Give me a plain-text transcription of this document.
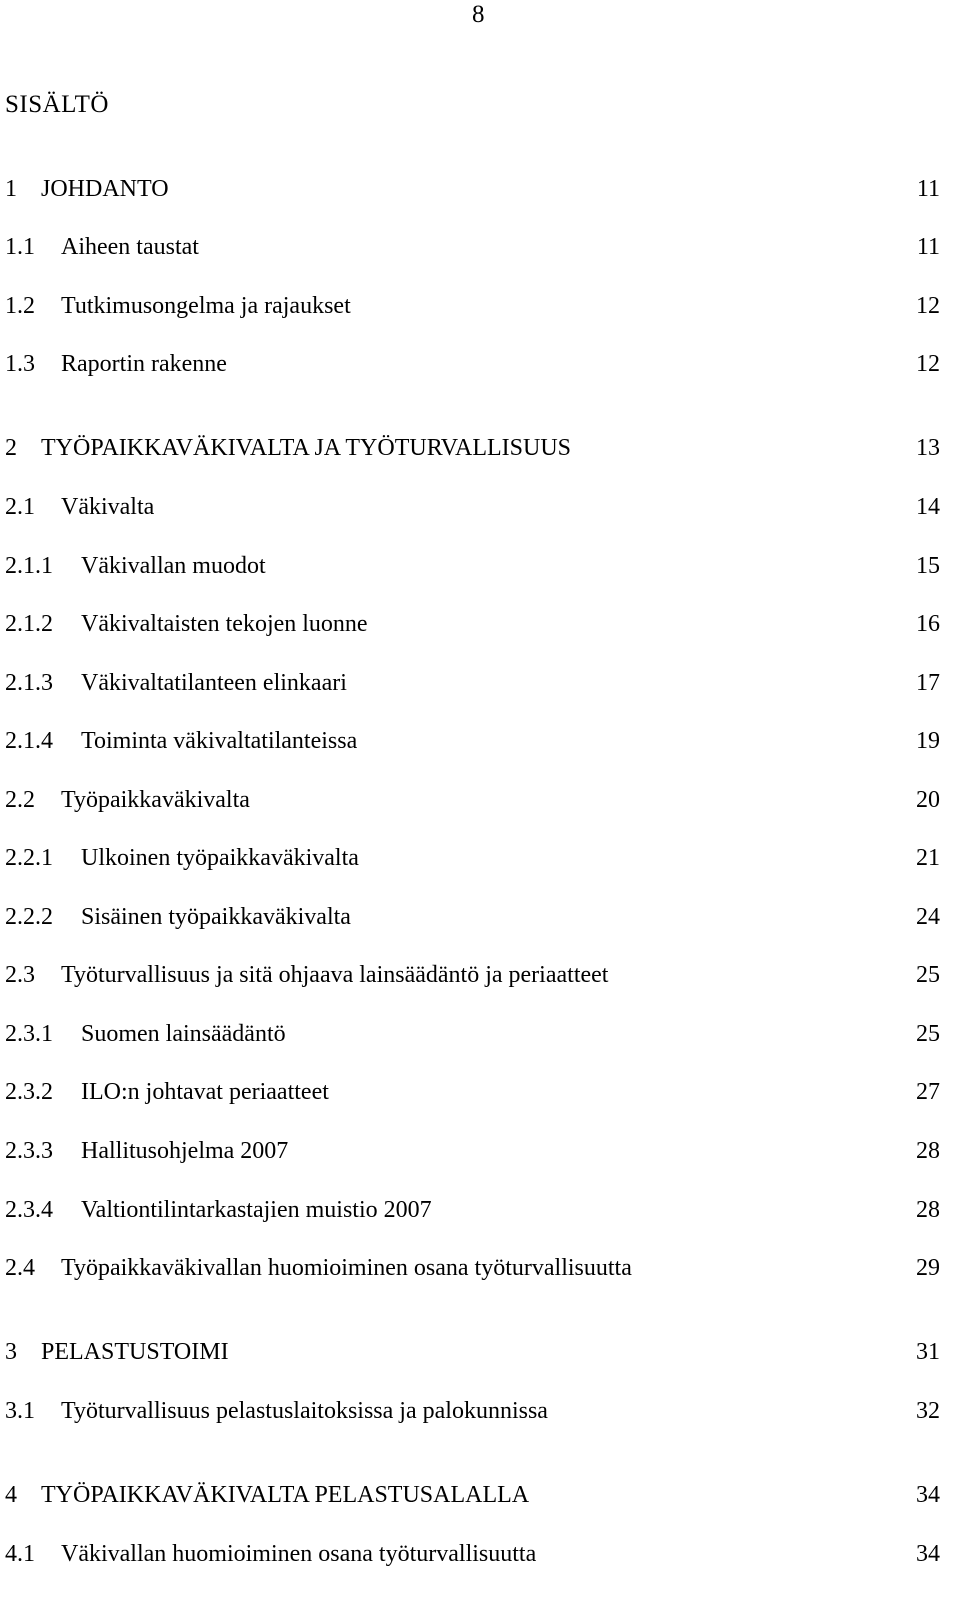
8
SISÄLTÖ
1 JOHDANTO	11
1.1 Aiheen taustat	11
1.2 Tutkimusongelma ja rajaukset	12
1.3 Raportin rakenne	12
2 TYÖPAIKKAVÄKIVALTA JA TYÖTURVALLISUUS	13
2.1 Väkivalta	14
2.1.1 Väkivallan muodot	15
2.1.2 Väkivaltaisten tekojen luonne	16
2.1.3 Väkivaltatilanteen elinkaari	17
2.1.4 Toiminta väkivaltatilanteissa	19
2.2 Työpaikkaväkivalta	20
2.2.1 Ulkoinen työpaikkaväkivalta	21
2.2.2 Sisäinen työpaikkaväkivalta	24
2.3 Työturvallisuus ja sitä ohjaava lainsäädäntö ja periaatteet	25
2.3.1 Suomen lainsäädäntö	25
2.3.2 ILO:n johtavat periaatteet	27
2.3.3 Hallitusohjelma 2007	28
2.3.4 Valtiontilintarkastajien muistio 2007	28
2.4 Työpaikkaväkivallan huomioiminen osana työturvallisuutta	29
3 PELASTUSTOIMI	31
3.1 Työturvallisuus pelastuslaitoksissa ja palokunnissa	32
4 TYÖPAIKKAVÄKIVALTA PELASTUSALALLA	34
4.1 Väkivallan huomioiminen osana työturvallisuutta	34
